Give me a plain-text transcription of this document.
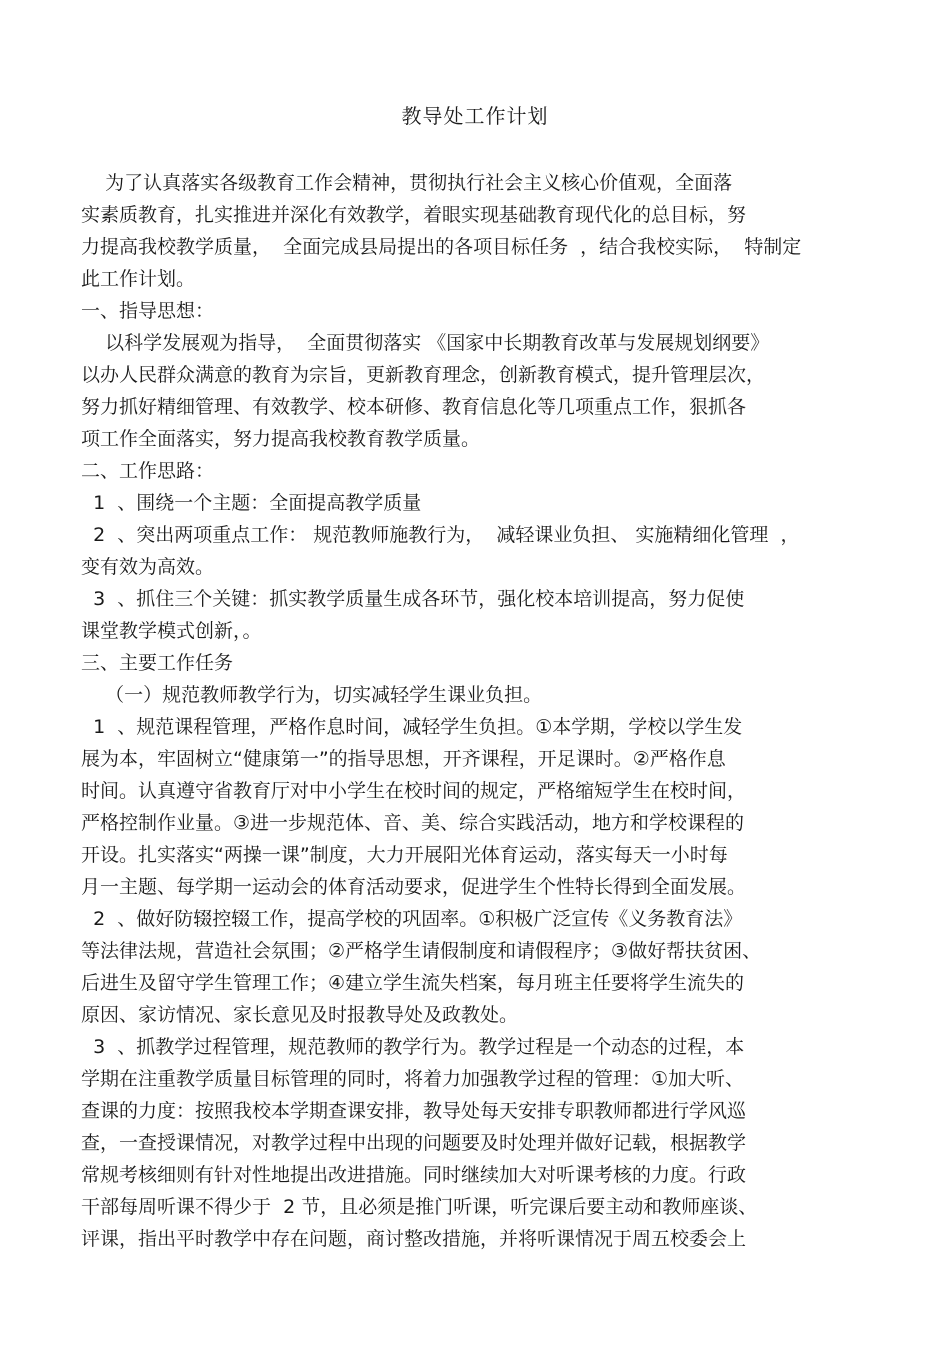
教导处工作计划
为了认真落实各级教育工作会精神，贯彻执行社会主义核心价值观，全面落
实素质教育，扎实推进并深化有效教学，着眼实现基础教育现代化的总目标，努
力提高我校教学质量，  全面完成县局提出的各项目标任务  ，结合我校实际，  特制定
此工作计划。
一、指导思想：
以科学发展观为指导，  全面贯彻落实 《国家中长期教育改革与发展规划纲要》
以办人民群众满意的教育为宗旨，更新教育理念，创新教育模式，提升管理层次，
努力抓好精细管理、有效教学、校本研修、教育信息化等几项重点工作，狠抓各
项工作全面落实，努力提高我校教育教学质量。
二、工作思路：
1  、围绕一个主题：全面提高教学质量
2  、突出两项重点工作： 规范教师施教行为，  减轻课业负担、 实施精细化管理  ，
变有效为高效。
3  、抓住三个关键：抓实教学质量生成各环节，强化校本培训提高，努力促使
课堂教学模式创新，。
三、主要工作任务
（一）规范教师教学行为，切实减轻学生课业负担。
1  、规范课程管理，严格作息时间，减轻学生负担。①本学期，学校以学生发
展为本，牢固树立“健康第一”的指导思想，开齐课程，开足课时。②严格作息
时间。认真遵守省教育厅对中小学生在校时间的规定，严格缩短学生在校时间，
严格控制作业量。③进一步规范体、音、美、综合实践活动，地方和学校课程的
开设。扎实落实“两操一课”制度，大力开展阳光体育运动，落实每天一小时每
月一主题、每学期一运动会的体育活动要求，促进学生个性特长得到全面发展。
2  、做好防辍控辍工作，提高学校的巩固率。①积极广泛宣传《义务教育法》
等法律法规，营造社会氛围；②严格学生请假制度和请假程序；③做好帮扶贫困、
后进生及留守学生管理工作；④建立学生流失档案，每月班主任要将学生流失的
原因、家访情况、家长意见及时报教导处及政教处。
3  、抓教学过程管理，规范教师的教学行为。教学过程是一个动态的过程，本
学期在注重教学质量目标管理的同时，将着力加强教学过程的管理：①加大听、
查课的力度：按照我校本学期查课安排，教导处每天安排专职教师都进行学风巡
查，一查授课情况，对教学过程中出现的问题要及时处理并做好记载，根据教学
常规考核细则有针对性地提出改进措施。同时继续加大对听课考核的力度。行政
干部每周听课不得少于  2 节，且必须是推门听课，听完课后要主动和教师座谈、
评课，指出平时教学中存在问题，商讨整改措施，并将听课情况于周五校委会上
